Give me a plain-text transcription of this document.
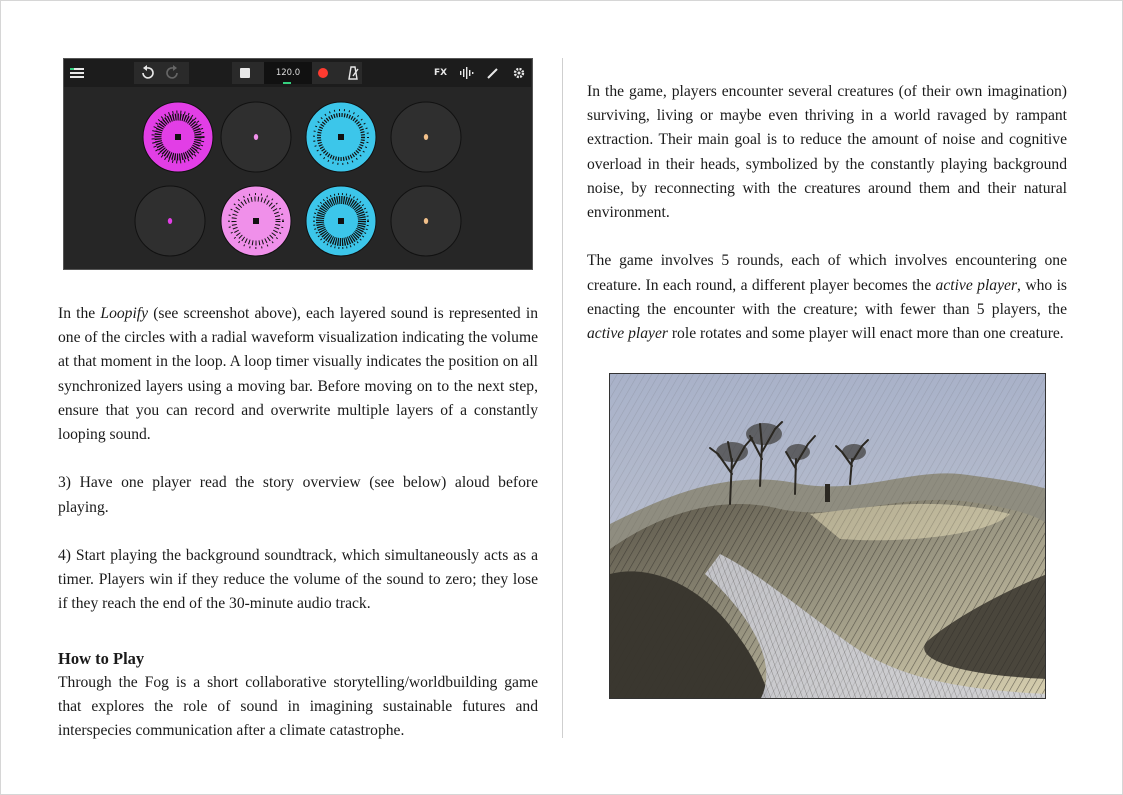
120.0	FX

In the Loopify (see screenshot above), each layered sound is represented in one of the circles with a radial waveform visualization indicating the volume at that moment in the loop. A loop timer visually indicates the position on all synchronized layers using a moving bar. Before moving on to the next step, ensure that you can record and overwrite multiple layers of a constantly looping sound.

3) Have one player read the story overview (see below) aloud before playing.

4) Start playing the background soundtrack, which simultaneously acts as a timer. Players win if they reduce the volume of the sound to zero; they lose if they reach the end of the 30-minute audio track.

How to Play

Through the Fog is a short collaborative storytelling/worldbuilding game that explores the role of sound in imagining sustainable futures and interspecies communication after a climate catastrophe.

In the game, players encounter several creatures (of their own imagination) surviving, living or maybe even thriving in a world ravaged by rampant extraction. Their main goal is to reduce the amount of noise and cognitive overload in their heads, symbolized by the constantly playing background noise, by reconnecting with the creatures around them and their natural environment.

The game involves 5 rounds, each of which involves encountering one creature. In each round, a different player becomes the active player, who is enacting the encounter with the creature; with fewer than 5 players, the active player role rotates and some player will enact more than one creature.
